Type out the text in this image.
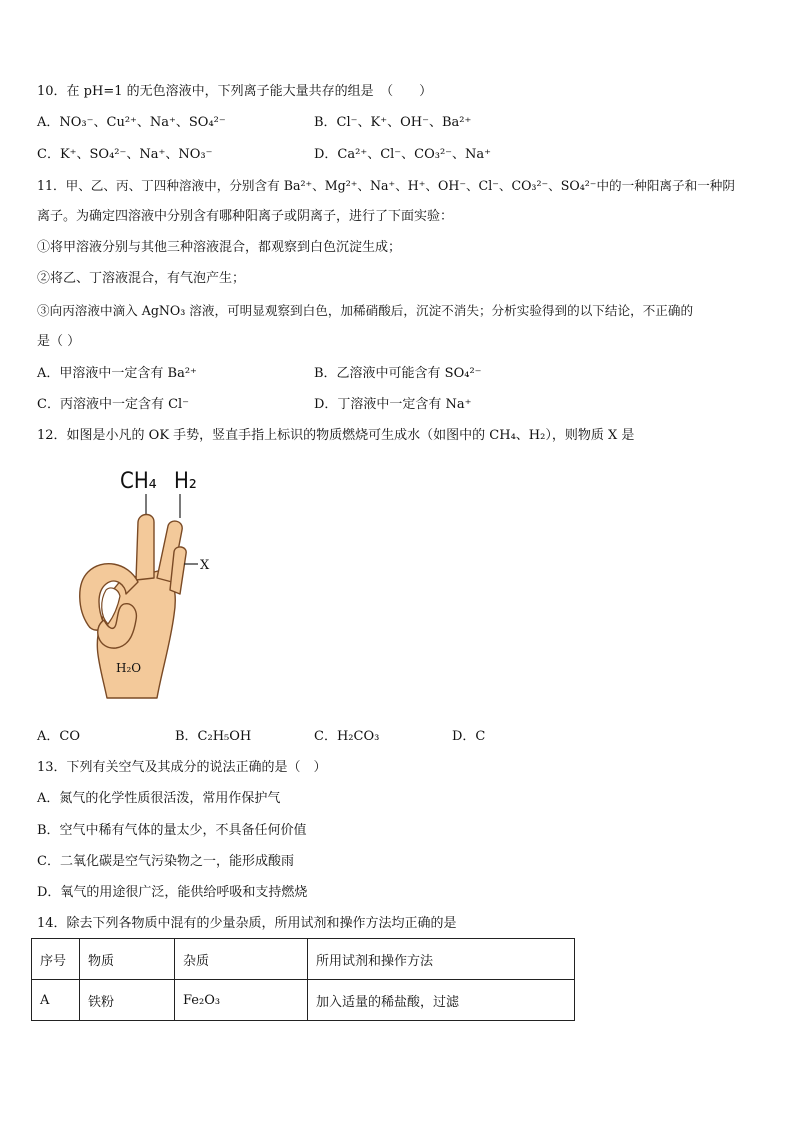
10．在 pH=1 的无色溶液中，下列离子能大量共存的组是　（　　）
A．NO₃⁻、Cu²⁺、Na⁺、SO₄²⁻	B．Cl⁻、K⁺、OH⁻、Ba²⁺
C．K⁺、SO₄²⁻、Na⁺、NO₃⁻	D．Ca²⁺、Cl⁻、CO₃²⁻、Na⁺
11．甲、乙、丙、丁四种溶液中，分别含有 Ba²⁺、Mg²⁺、Na⁺、H⁺、OH⁻、Cl⁻、CO₃²⁻、SO₄²⁻中的一种阳离子和一种阴
离子。为确定四溶液中分别含有哪种阳离子或阴离子，进行了下面实验：
①将甲溶液分别与其他三种溶液混合，都观察到白色沉淀生成；
②将乙、丁溶液混合，有气泡产生；
③向丙溶液中滴入 AgNO₃ 溶液，可明显观察到白色，加稀硝酸后，沉淀不消失；分析实验得到的以下结论，不正确的
是（ ）
A．甲溶液中一定含有 Ba²⁺	B．乙溶液中可能含有 SO₄²⁻
C．丙溶液中一定含有 Cl⁻	D．丁溶液中一定含有 Na⁺
12．如图是小凡的 OK 手势，竖直手指上标识的物质燃烧可生成水（如图中的 CH₄、H₂），则物质 X 是
CH₄ H₂
X
H₂O
A．CO	B．C₂H₅OH	C．H₂CO₃	D．C
13．下列有关空气及其成分的说法正确的是（　）
A．氮气的化学性质很活泼，常用作保护气
B．空气中稀有气体的量太少，不具备任何价值
C．二氧化碳是空气污染物之一，能形成酸雨
D．氧气的用途很广泛，能供给呼吸和支持燃烧
14．除去下列各物质中混有的少量杂质，所用试剂和操作方法均正确的是
序号	物质	杂质	所用试剂和操作方法
A	铁粉	Fe₂O₃	加入适量的稀盐酸，过滤
